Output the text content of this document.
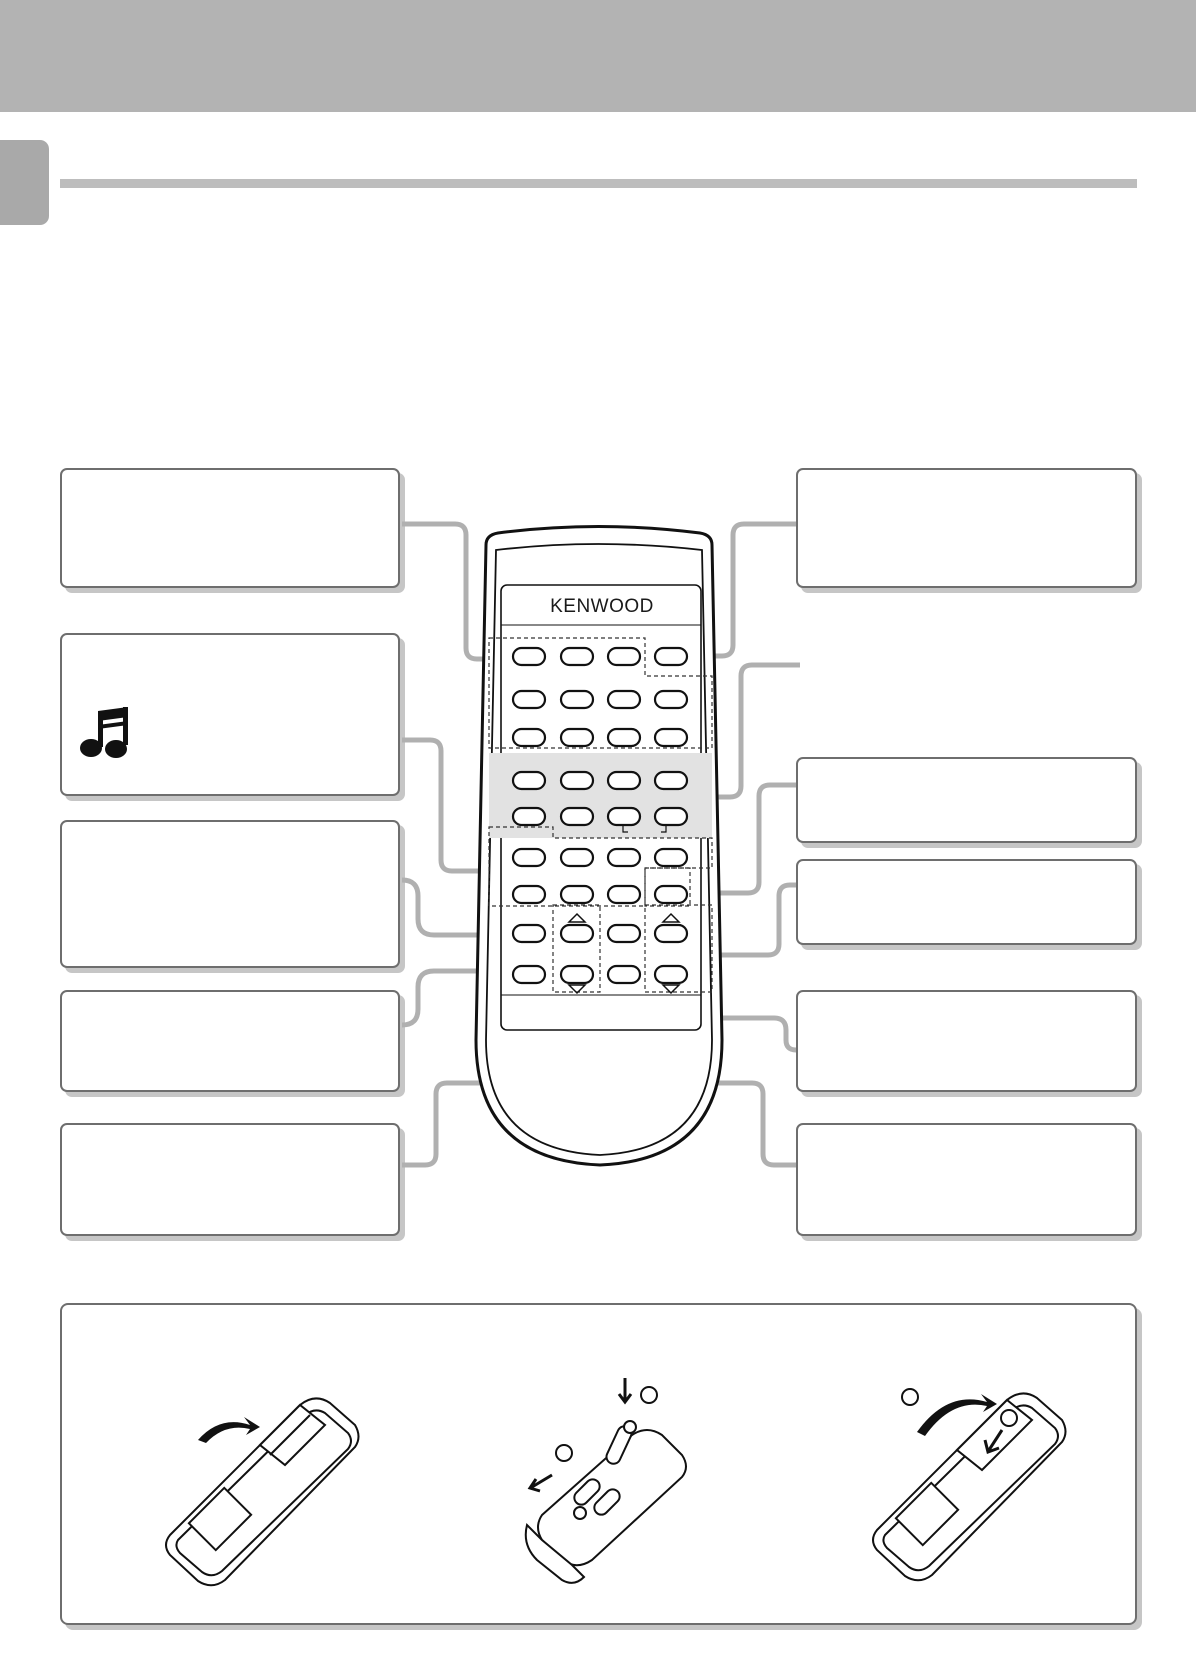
KENWOOD
